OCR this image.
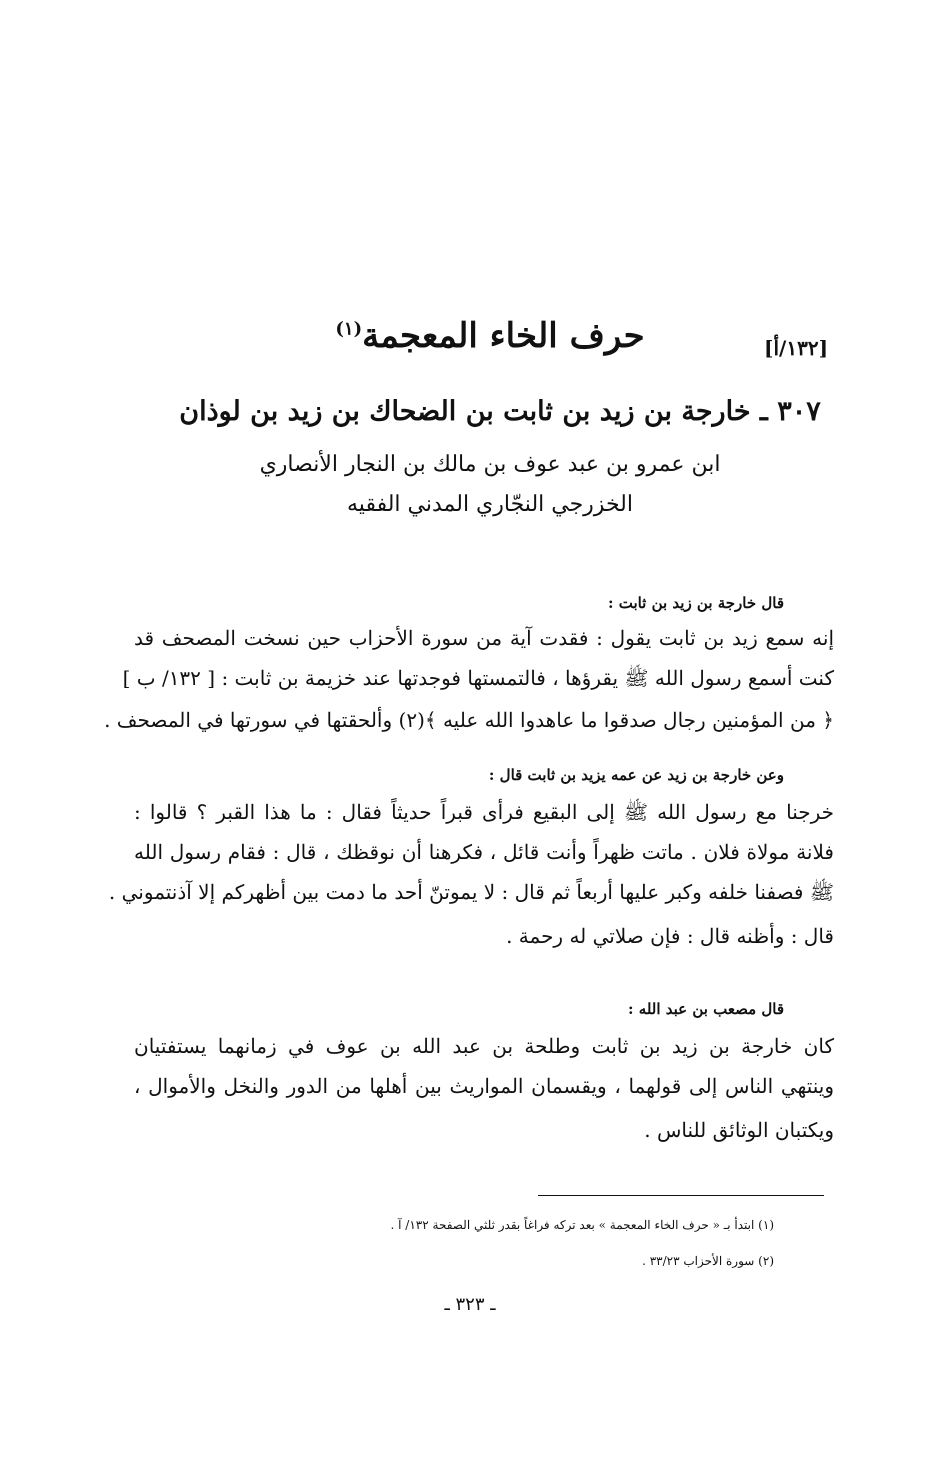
[١٣٢/أ]
حرف الخاء المعجمة$^{(١)}$
٣٠٧ ـ خارجة بن زيد بن ثابت بن الضحاك بن زيد بن لوذان
ابن عمرو بن عبد عوف بن مالك بن النجار الأنصاري
الخزرجي النجّاري المدني الفقيه
قال خارجة بن زيد بن ثابت :
إنه سمع زيد بن ثابت يقول : فقدت آية من سورة الأحزاب حين نسخت المصحف قد
كنت أسمع رسول الله ﷺ يقرؤها ، فالتمستها فوجدتها عند خزيمة بن ثابت : [ ١٣٢/ ب ]
﴿ من المؤمنين رجال صدقوا ما عاهدوا الله عليه ﴾(٢) وألحقتها في سورتها في المصحف .
وعن خارجة بن زيد عن عمه يزيد بن ثابت قال :
خرجنا مع رسول الله ﷺ إلى البقيع فرأى قبراً حديثاً فقال : ما هذا القبر ؟ قالوا :
فلانة مولاة فلان . ماتت ظهراً وأنت قائل ، فكرهنا أن نوقظك ، قال : فقام رسول الله
ﷺ فصفنا خلفه وكبر عليها أربعاً ثم قال : لا يموتنّ أحد ما دمت بين أظهركم إلا آذنتموني .
قال : وأظنه قال : فإن صلاتي له رحمة .
قال مصعب بن عبد الله :
كان خارجة بن زيد بن ثابت وطلحة بن عبد الله بن عوف في زمانهما يستفتيان
وينتهي الناس إلى قولهما ، ويقسمان المواريث بين أهلها من الدور والنخل والأموال ،
ويكتبان الوثائق للناس .
(١) ابتدأ بـ « حرف الخاء المعجمة » بعد تركه فراغاً بقدر ثلثي الصفحة ١٣٢/ آ .
(٢) سورة الأحزاب ٣٣/٢٣ .
ـ ٣٢٣ ـ
